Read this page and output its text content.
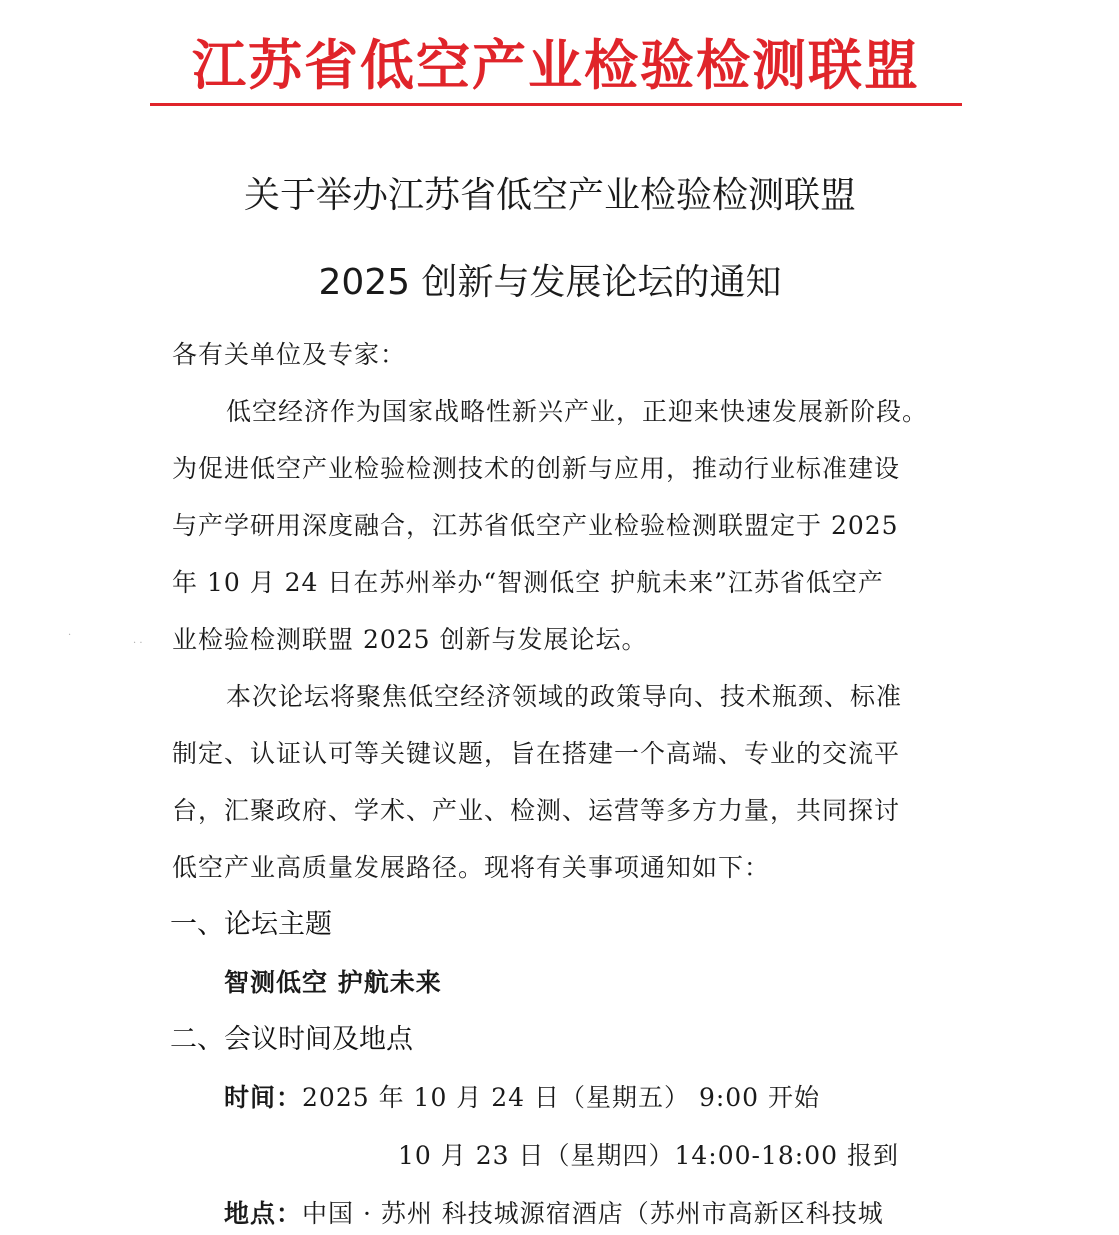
江苏省低空产业检验检测联盟
关于举办江苏省低空产业检验检测联盟
2025 创新与发展论坛的通知
各有关单位及专家：
低空经济作为国家战略性新兴产业，正迎来快速发展新阶段。
为促进低空产业检验检测技术的创新与应用，推动行业标准建设
与产学研用深度融合，江苏省低空产业检验检测联盟定于 2025
年 10 月 24 日在苏州举办“智测低空 护航未来”江苏省低空产
业检验检测联盟 2025 创新与发展论坛。
本次论坛将聚焦低空经济领域的政策导向、技术瓶颈、标准
制定、认证认可等关键议题，旨在搭建一个高端、专业的交流平
台，汇聚政府、学术、产业、检测、运营等多方力量，共同探讨
低空产业高质量发展路径。现将有关事项通知如下：
一、论坛主题
智测低空 护航未来
二、会议时间及地点
时间：2025 年 10 月 24 日（星期五） 9:00 开始
10 月 23 日（星期四）14:00-18:00 报到
地点：中国 · 苏州 科技城源宿酒店（苏州市高新区科技城
·
· ·
